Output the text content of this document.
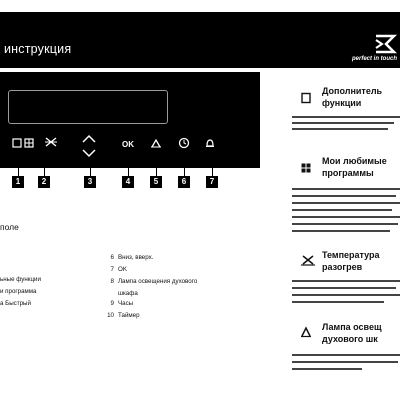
инструкция
perfect in touch
OK
1	2	3	4	5	6	7
поле
ьные функции
и программа
а Быстрый
6 Вниз, вверх.
7 OK
8 Лампа освещения духового
шкафа
9 Часы
10 Таймер
Дополнитель
функции
Мои любимые
программы
Температура
разогрев
Лампа освещ
духового шк
